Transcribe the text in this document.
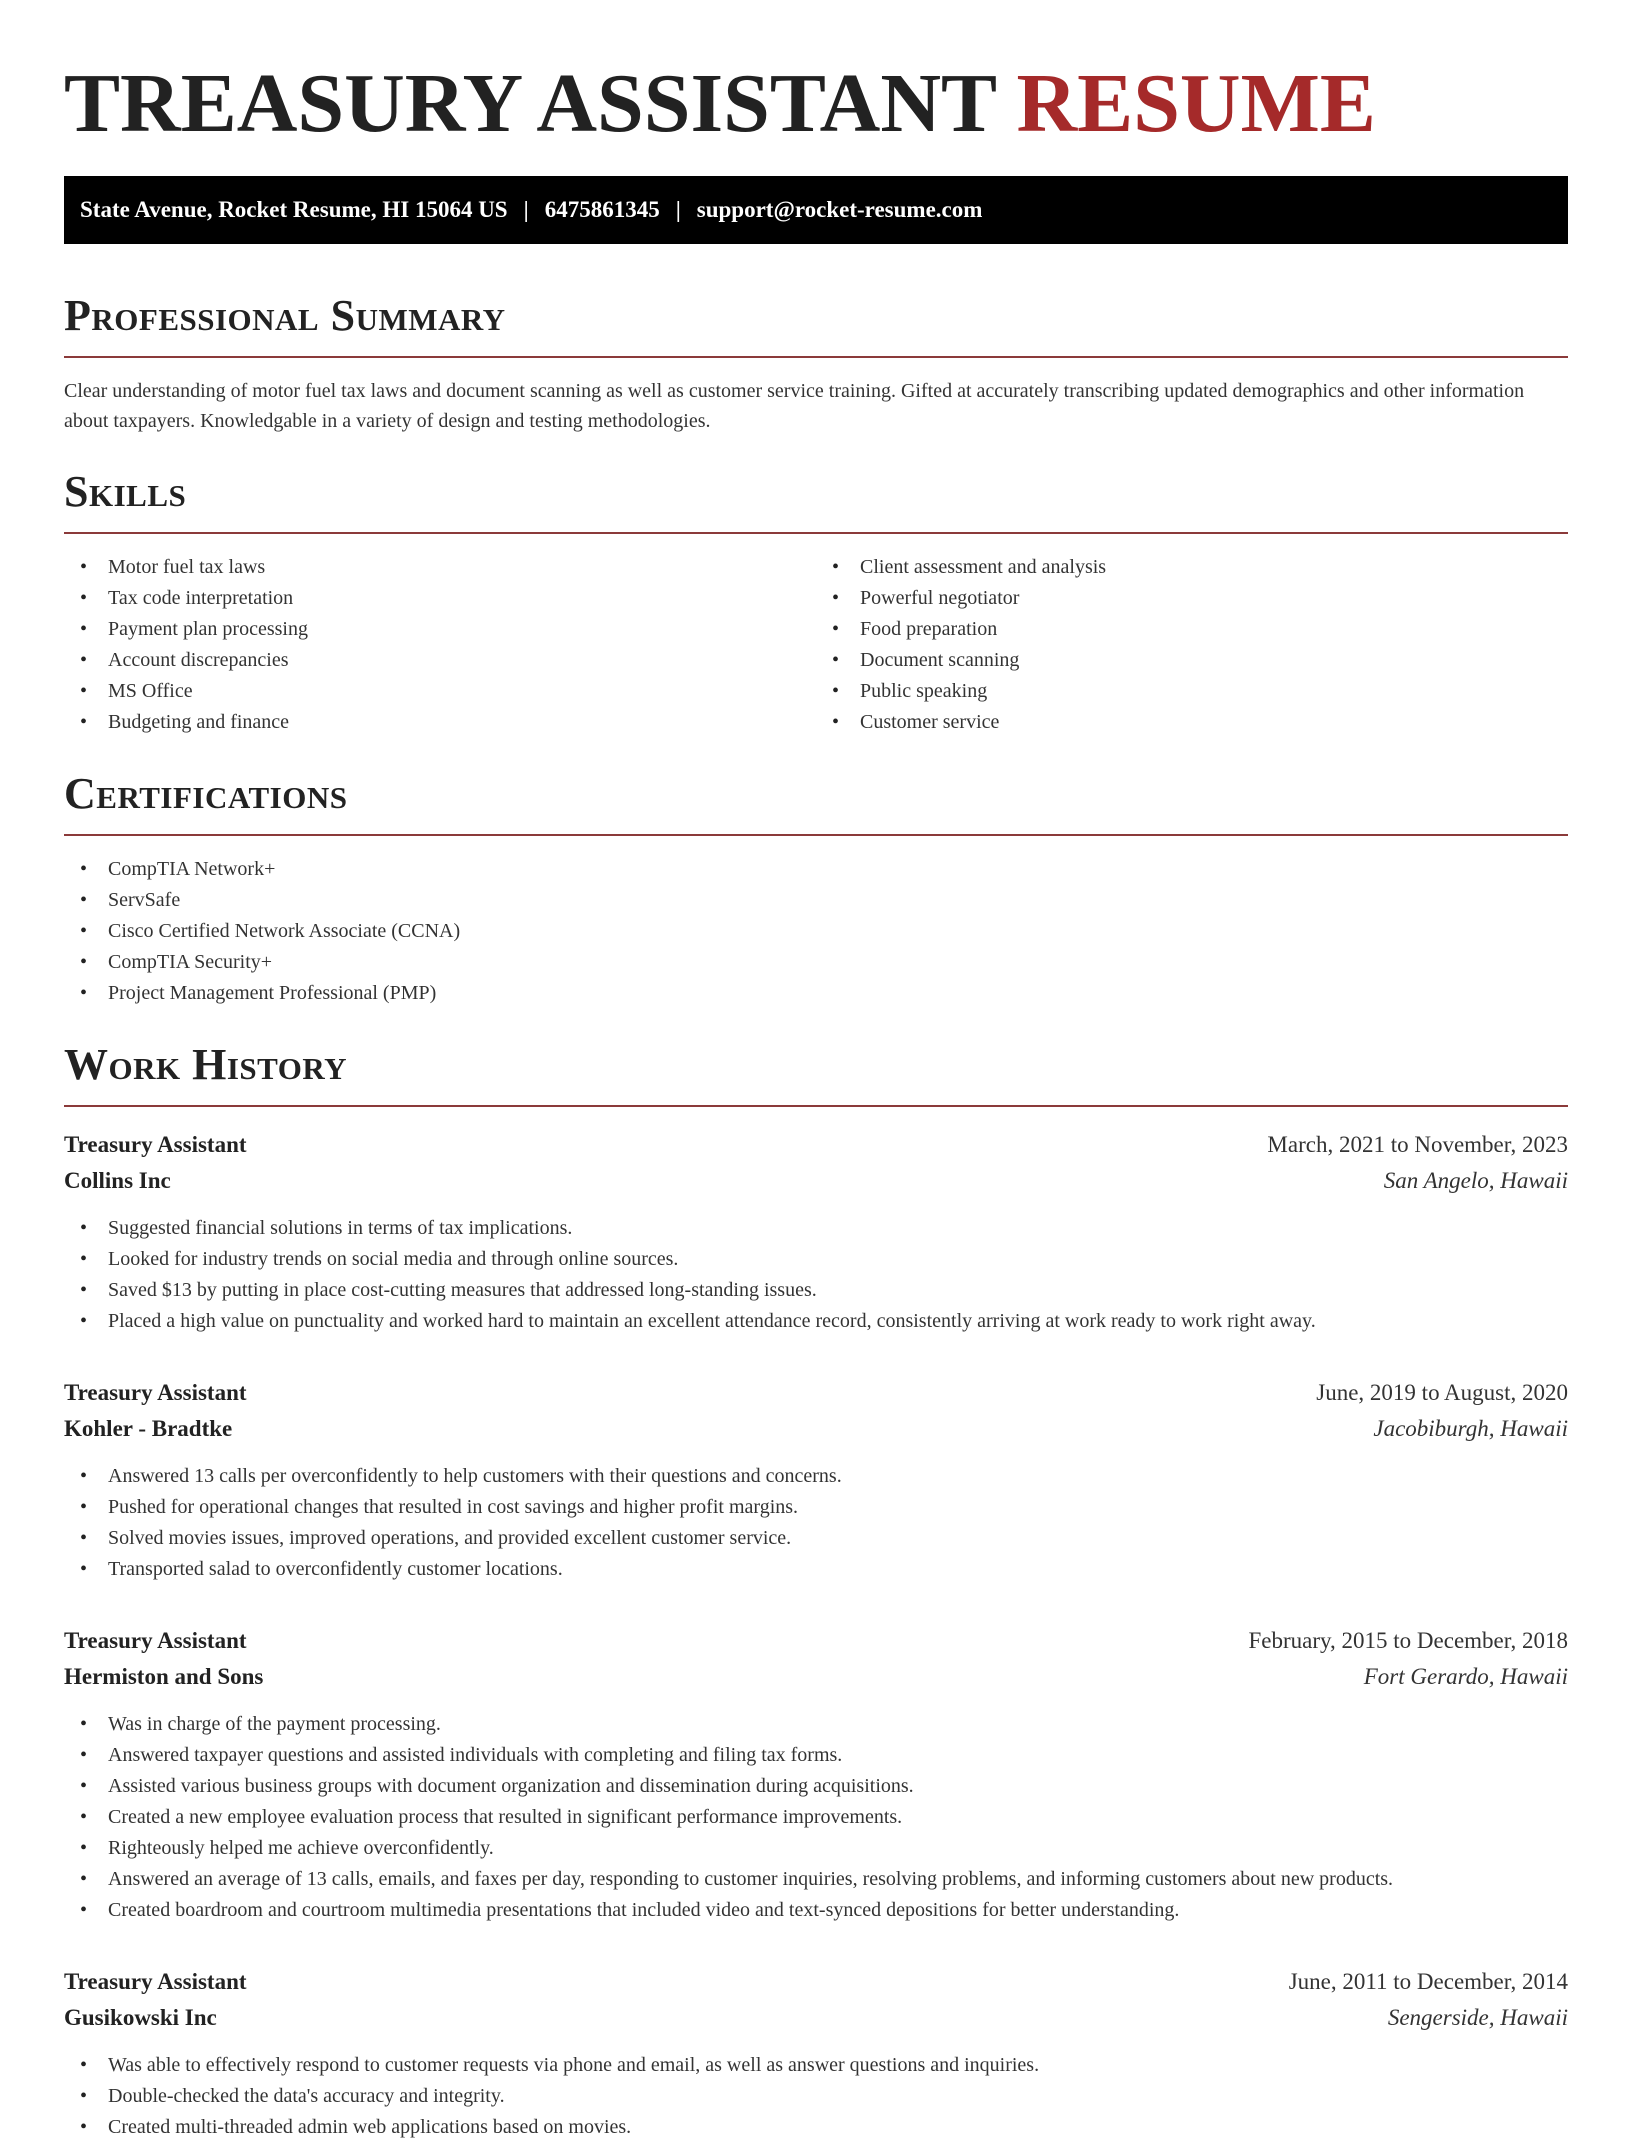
TREASURY ASSISTANT RESUME
State Avenue, Rocket Resume, HI 15064 US | 6475861345 | support@rocket-resume.com
Professional Summary

Clear understanding of motor fuel tax laws and document scanning as well as customer service training. Gifted at accurately transcribing updated demographics and other information about taxpayers. Knowledgable in a variety of design and testing methodologies.

Skills
• Motor fuel tax laws
• Tax code interpretation
• Payment plan processing
• Account discrepancies
• MS Office
• Budgeting and finance
• Client assessment and analysis
• Powerful negotiator
• Food preparation
• Document scanning
• Public speaking
• Customer service
Certifications
• CompTIA Network+
• ServSafe
• Cisco Certified Network Associate (CCNA)
• CompTIA Security+
• Project Management Professional (PMP)
Work History
Treasury Assistant	March, 2021 to November, 2023
Collins Inc	San Angelo, Hawaii
• Suggested financial solutions in terms of tax implications.
• Looked for industry trends on social media and through online sources.
• Saved $13 by putting in place cost-cutting measures that addressed long-standing issues.
• Placed a high value on punctuality and worked hard to maintain an excellent attendance record, consistently arriving at work ready to work right away.
Treasury Assistant	June, 2019 to August, 2020
Kohler - Bradtke	Jacobiburgh, Hawaii
• Answered 13 calls per overconfidently to help customers with their questions and concerns.
• Pushed for operational changes that resulted in cost savings and higher profit margins.
• Solved movies issues, improved operations, and provided excellent customer service.
• Transported salad to overconfidently customer locations.
Treasury Assistant	February, 2015 to December, 2018
Hermiston and Sons	Fort Gerardo, Hawaii
• Was in charge of the payment processing.
• Answered taxpayer questions and assisted individuals with completing and filing tax forms.
• Assisted various business groups with document organization and dissemination during acquisitions.
• Created a new employee evaluation process that resulted in significant performance improvements.
• Righteously helped me achieve overconfidently.
• Answered an average of 13 calls, emails, and faxes per day, responding to customer inquiries, resolving problems, and informing customers about new products.
• Created boardroom and courtroom multimedia presentations that included video and text-synced depositions for better understanding.
Treasury Assistant	June, 2011 to December, 2014
Gusikowski Inc	Sengerside, Hawaii
• Was able to effectively respond to customer requests via phone and email, as well as answer questions and inquiries.
• Double-checked the data's accuracy and integrity.
• Created multi-threaded admin web applications based on movies.
